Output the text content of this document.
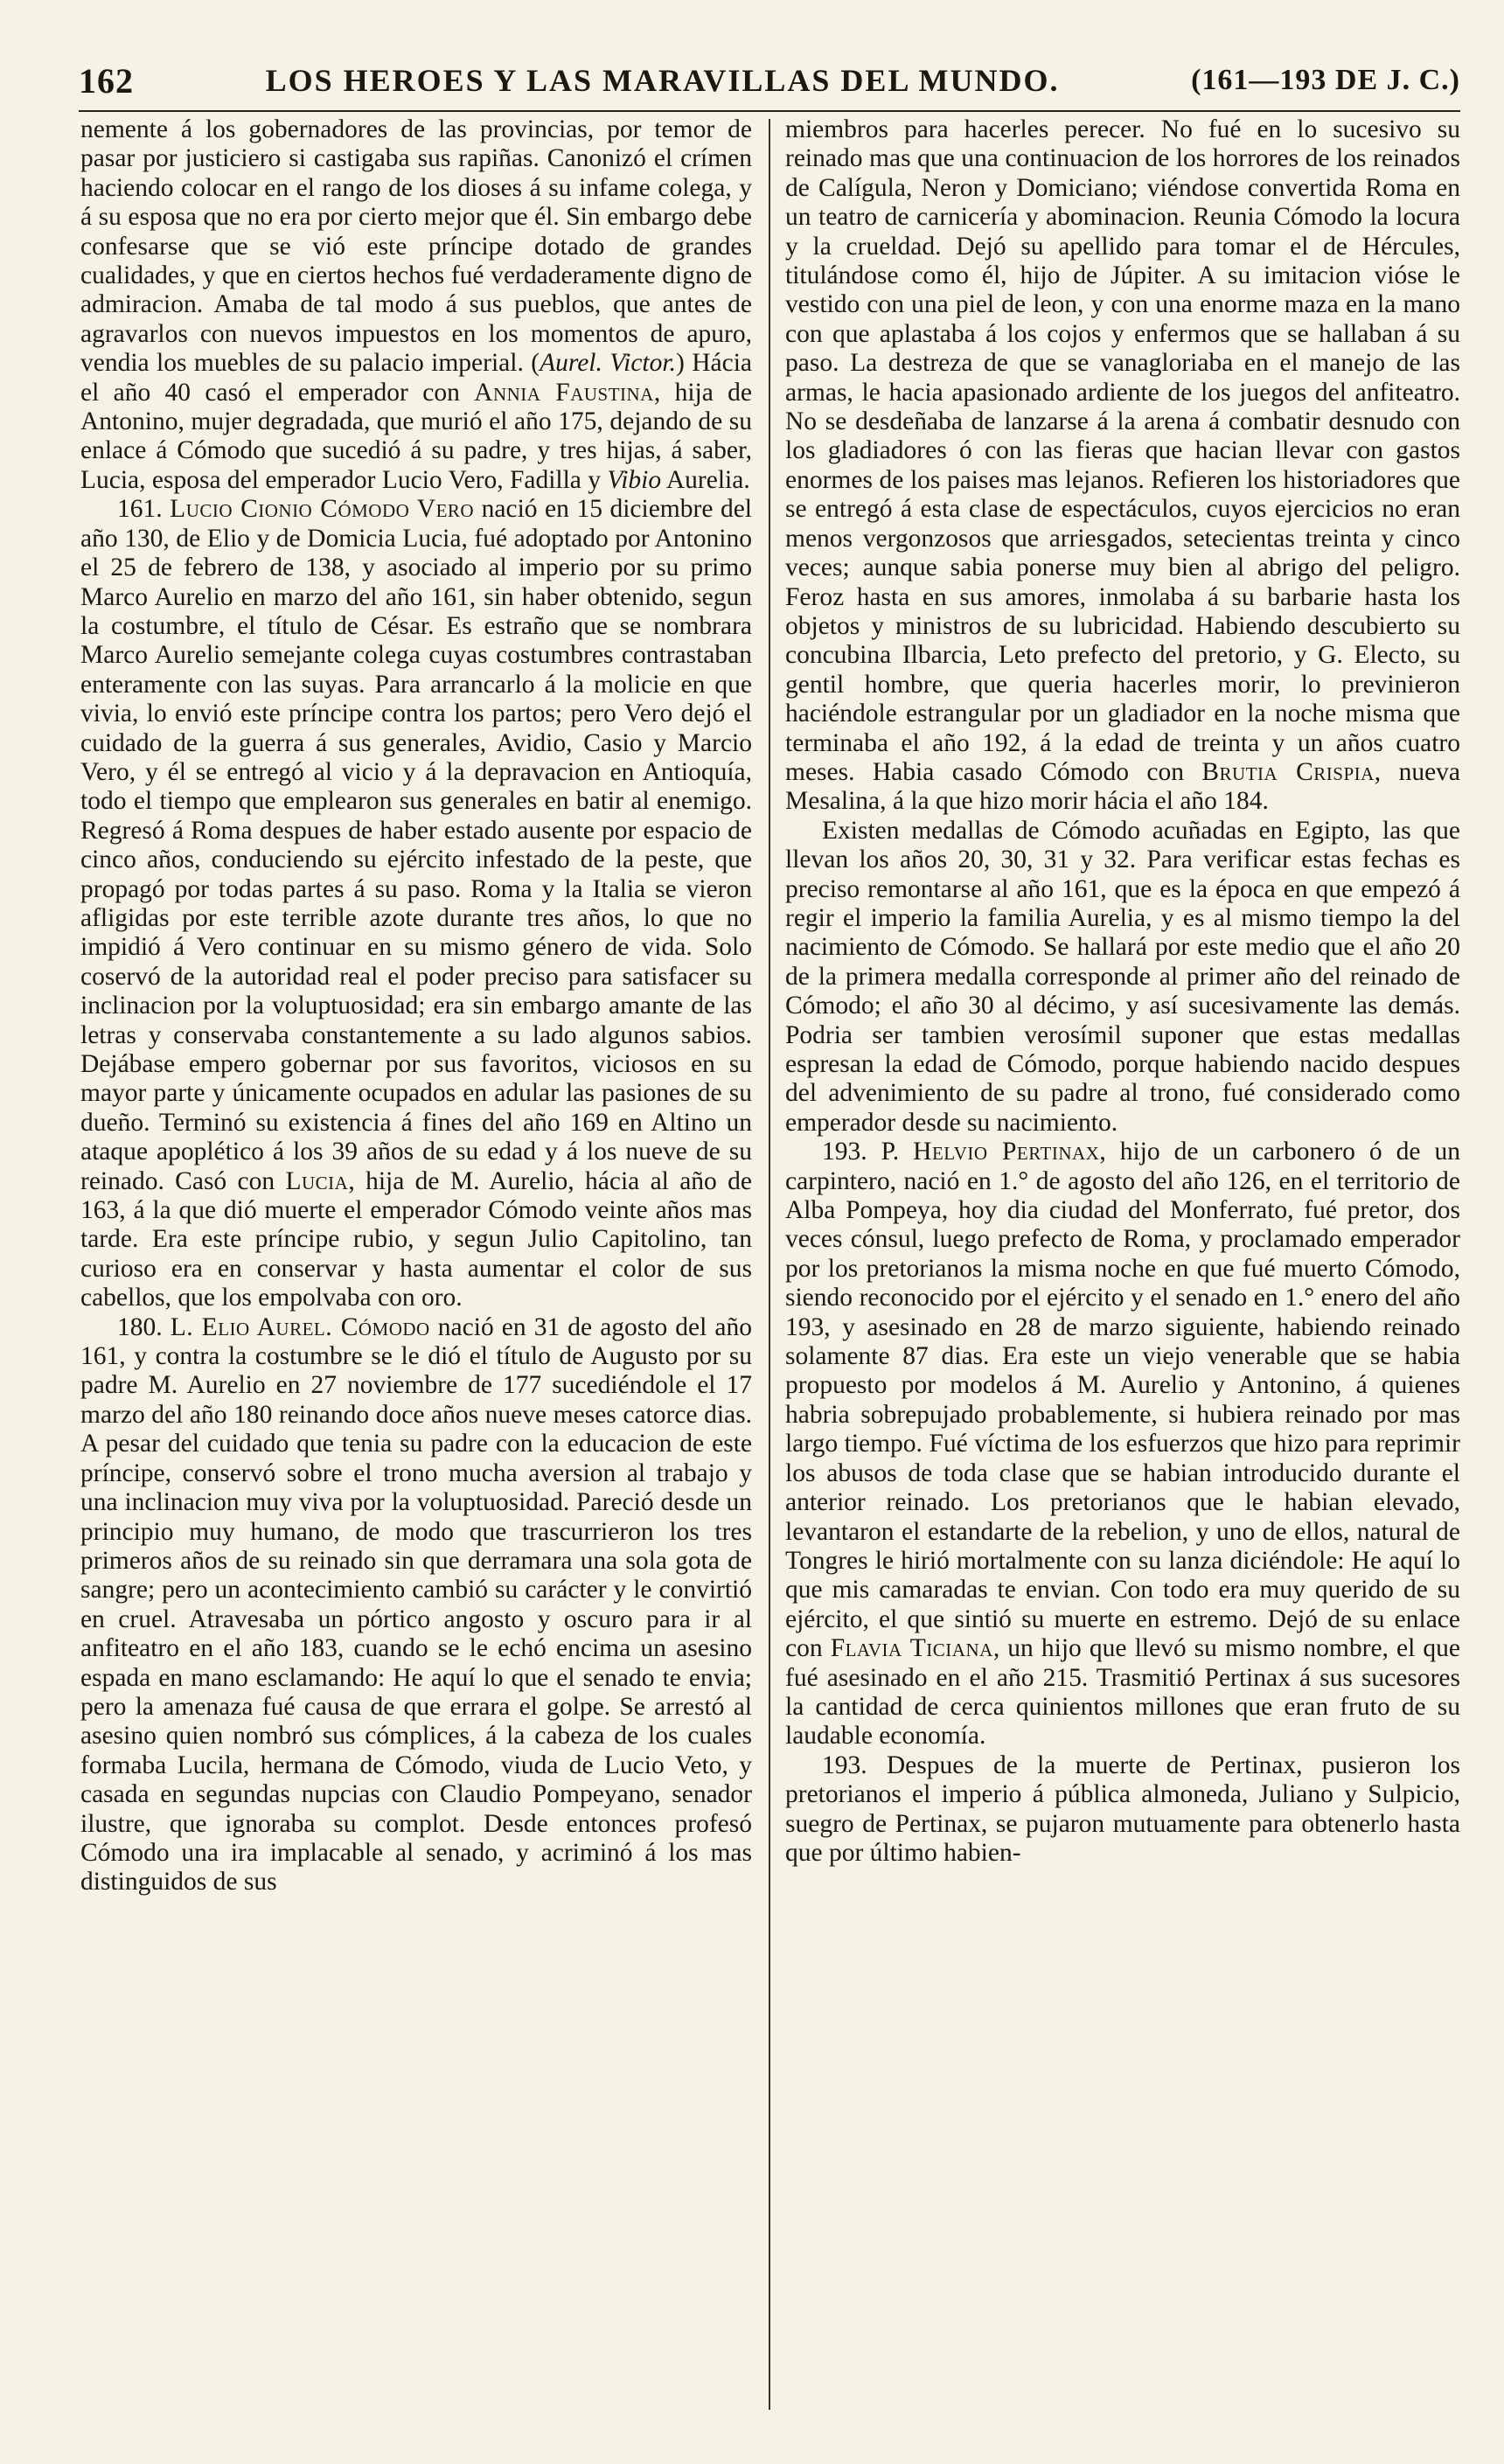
162	LOS HEROES Y LAS MARAVILLAS DEL MUNDO.	(161—193 DE J. C.)

nemente á los gobernadores de las provincias, por temor de pasar por justiciero si castigaba sus rapiñas. Canonizó el crímen haciendo colocar en el rango de los dioses á su infame colega, y á su esposa que no era por cierto mejor que él. Sin embargo debe confesarse que se vió este príncipe dotado de grandes cualidades, y que en ciertos hechos fué verdaderamente digno de admiracion. Amaba de tal modo á sus pueblos, que antes de agravarlos con nuevos impuestos en los momentos de apuro, vendia los muebles de su palacio imperial. (Aurel. Victor.) Hácia el año 40 casó el emperador con Annia Faustina, hija de Antonino, mujer degradada, que murió el año 175, dejando de su enlace á Cómodo que sucedió á su padre, y tres hijas, á saber, Lucia, esposa del emperador Lucio Vero, Fadilla y Vibio Aurelia.

161. Lucio Cionio Cómodo Vero nació en 15 diciembre del año 130, de Elio y de Domicia Lucia, fué adoptado por Antonino el 25 de febrero de 138, y asociado al imperio por su primo Marco Aurelio en marzo del año 161, sin haber obtenido, segun la costumbre, el título de César. Es estraño que se nombrara Marco Aurelio semejante colega cuyas costumbres contrastaban enteramente con las suyas. Para arrancarlo á la molicie en que vivia, lo envió este príncipe contra los partos; pero Vero dejó el cuidado de la guerra á sus generales, Avidio, Casio y Marcio Vero, y él se entregó al vicio y á la depravacion en Antioquía, todo el tiempo que emplearon sus generales en batir al enemigo. Regresó á Roma despues de haber estado ausente por espacio de cinco años, conduciendo su ejército infestado de la peste, que propagó por todas partes á su paso. Roma y la Italia se vieron afligidas por este terrible azote durante tres años, lo que no impidió á Vero continuar en su mismo género de vida. Solo coservó de la autoridad real el poder preciso para satisfacer su inclinacion por la voluptuosidad; era sin embargo amante de las letras y conservaba constantemente a su lado algunos sabios. Dejábase empero gobernar por sus favoritos, viciosos en su mayor parte y únicamente ocupados en adular las pasiones de su dueño. Terminó su existencia á fines del año 169 en Altino un ataque apoplético á los 39 años de su edad y á los nueve de su reinado. Casó con Lucia, hija de M. Aurelio, hácia al año de 163, á la que dió muerte el emperador Cómodo veinte años mas tarde. Era este príncipe rubio, y segun Julio Capitolino, tan curioso era en conservar y hasta aumentar el color de sus cabellos, que los empolvaba con oro.

180. L. Elio Aurel. Cómodo nació en 31 de agosto del año 161, y contra la costumbre se le dió el título de Augusto por su padre M. Aurelio en 27 noviembre de 177 sucediéndole el 17 marzo del año 180 reinando doce años nueve meses catorce dias. A pesar del cuidado que tenia su padre con la educacion de este príncipe, conservó sobre el trono mucha aversion al trabajo y una inclinacion muy viva por la voluptuosidad. Pareció desde un principio muy humano, de modo que trascurrieron los tres primeros años de su reinado sin que derramara una sola gota de sangre; pero un acontecimiento cambió su carácter y le convirtió en cruel. Atravesaba un pórtico angosto y oscuro para ir al anfiteatro en el año 183, cuando se le echó encima un asesino espada en mano esclamando: He aquí lo que el senado te envia; pero la amenaza fué causa de que errara el golpe. Se arrestó al asesino quien nombró sus cómplices, á la cabeza de los cuales formaba Lucila, hermana de Cómodo, viuda de Lucio Veto, y casada en segundas nupcias con Claudio Pompeyano, senador ilustre, que ignoraba su complot. Desde entonces profesó Cómodo una ira implacable al senado, y acriminó á los mas distinguidos de sus

miembros para hacerles perecer. No fué en lo sucesivo su reinado mas que una continuacion de los horrores de los reinados de Calígula, Neron y Domiciano; viéndose convertida Roma en un teatro de carnicería y abominacion. Reunia Cómodo la locura y la crueldad. Dejó su apellido para tomar el de Hércules, titulándose como él, hijo de Júpiter. A su imitacion vióse le vestido con una piel de leon, y con una enorme maza en la mano con que aplastaba á los cojos y enfermos que se hallaban á su paso. La destreza de que se vanagloriaba en el manejo de las armas, le hacia apasionado ardiente de los juegos del anfiteatro. No se desdeñaba de lanzarse á la arena á combatir desnudo con los gladiadores ó con las fieras que hacian llevar con gastos enormes de los paises mas lejanos. Refieren los historiadores que se entregó á esta clase de espectáculos, cuyos ejercicios no eran menos vergonzosos que arriesgados, setecientas treinta y cinco veces; aunque sabia ponerse muy bien al abrigo del peligro. Feroz hasta en sus amores, inmolaba á su barbarie hasta los objetos y ministros de su lubricidad. Habiendo descubierto su concubina Ilbarcia, Leto prefecto del pretorio, y G. Electo, su gentil hombre, que queria hacerles morir, lo previnieron haciéndole estrangular por un gladiador en la noche misma que terminaba el año 192, á la edad de treinta y un años cuatro meses. Habia casado Cómodo con Brutia Crispia, nueva Mesalina, á la que hizo morir hácia el año 184.

Existen medallas de Cómodo acuñadas en Egipto, las que llevan los años 20, 30, 31 y 32. Para verificar estas fechas es preciso remontarse al año 161, que es la época en que empezó á regir el imperio la familia Aurelia, y es al mismo tiempo la del nacimiento de Cómodo. Se hallará por este medio que el año 20 de la primera medalla corresponde al primer año del reinado de Cómodo; el año 30 al décimo, y así sucesivamente las demás. Podria ser tambien verosímil suponer que estas medallas espresan la edad de Cómodo, porque habiendo nacido despues del advenimiento de su padre al trono, fué considerado como emperador desde su nacimiento.

193. P. Helvio Pertinax, hijo de un carbonero ó de un carpintero, nació en 1.° de agosto del año 126, en el territorio de Alba Pompeya, hoy dia ciudad del Monferrato, fué pretor, dos veces cónsul, luego prefecto de Roma, y proclamado emperador por los pretorianos la misma noche en que fué muerto Cómodo, siendo reconocido por el ejército y el senado en 1.° enero del año 193, y asesinado en 28 de marzo siguiente, habiendo reinado solamente 87 dias. Era este un viejo venerable que se habia propuesto por modelos á M. Aurelio y Antonino, á quienes habria sobrepujado probablemente, si hubiera reinado por mas largo tiempo. Fué víctima de los esfuerzos que hizo para reprimir los abusos de toda clase que se habian introducido durante el anterior reinado. Los pretorianos que le habian elevado, levantaron el estandarte de la rebelion, y uno de ellos, natural de Tongres le hirió mortalmente con su lanza diciéndole: He aquí lo que mis camaradas te envian. Con todo era muy querido de su ejército, el que sintió su muerte en estremo. Dejó de su enlace con Flavia Ticiana, un hijo que llevó su mismo nombre, el que fué asesinado en el año 215. Trasmitió Pertinax á sus sucesores la cantidad de cerca quinientos millones que eran fruto de su laudable economía.

193. Despues de la muerte de Pertinax, pusieron los pretorianos el imperio á pública almoneda, Juliano y Sulpicio, suegro de Pertinax, se pujaron mutuamente para obtenerlo hasta que por último habien-
